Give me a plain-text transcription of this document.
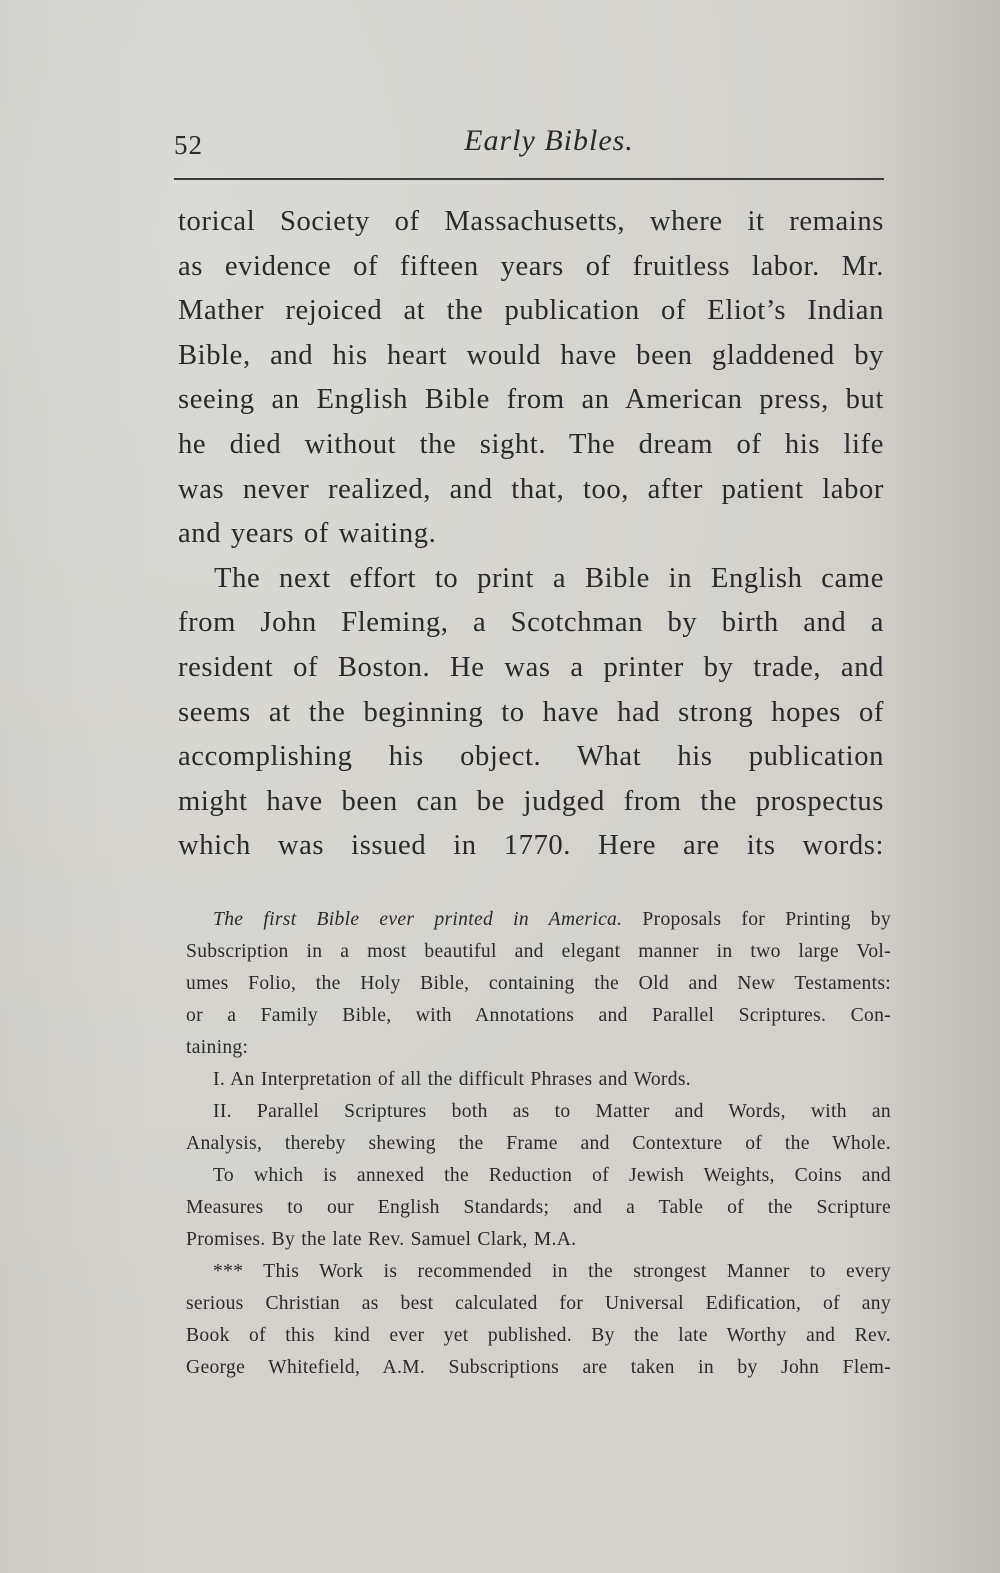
52	Early Bibles.
torical Society of Massachusetts, where it remains
as evidence of fifteen years of fruitless labor. Mr.
Mather rejoiced at the publication of Eliot’s Indian
Bible, and his heart would have been gladdened by
seeing an English Bible from an American press, but
he died without the sight. The dream of his life
was never realized, and that, too, after patient labor
and years of waiting.
The next effort to print a Bible in English came
from John Fleming, a Scotchman by birth and a
resident of Boston. He was a printer by trade, and
seems at the beginning to have had strong hopes of
accomplishing his object. What his publication
might have been can be judged from the prospectus
which was issued in 1770. Here are its words:
The first Bible ever printed in America. Proposals for Printing by
Subscription in a most beautiful and elegant manner in two large Vol-
umes Folio, the Holy Bible, containing the Old and New Testaments:
or a Family Bible, with Annotations and Parallel Scriptures. Con-
taining:
I. An Interpretation of all the difficult Phrases and Words.
II. Parallel Scriptures both as to Matter and Words, with an
Analysis, thereby shewing the Frame and Contexture of the Whole.
To which is annexed the Reduction of Jewish Weights, Coins and
Measures to our English Standards; and a Table of the Scripture
Promises. By the late Rev. Samuel Clark, M.A.
*** This Work is recommended in the strongest Manner to every
serious Christian as best calculated for Universal Edification, of any
Book of this kind ever yet published. By the late Worthy and Rev.
George Whitefield, A.M. Subscriptions are taken in by John Flem-
